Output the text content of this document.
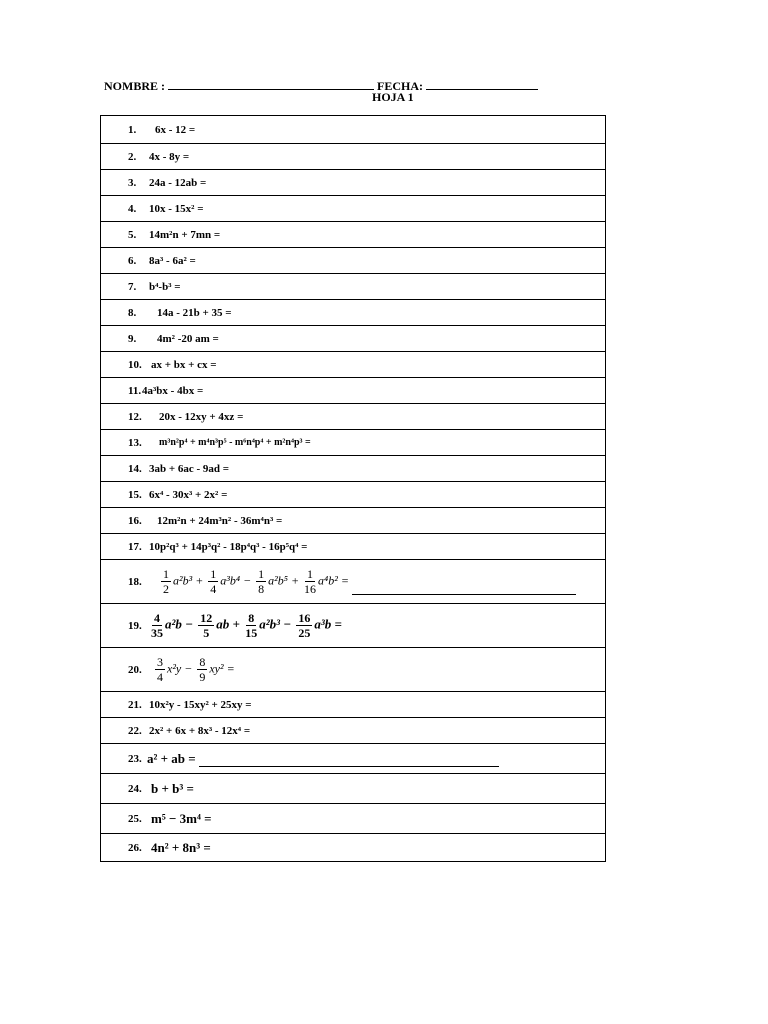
NOMBRE :	FECHA:
HOJA 1
1. 6x - 12 =
2. 4x - 8y =
3. 24a - 12ab =
4. 10x - 15x² =
5. 14m²n + 7mn =
6. 8a³ - 6a² =
7. b⁴-b³ =
8. 14a - 21b + 35 =
9. 4m² -20 am =
10. ax + bx + cx =
11. 4a³bx - 4bx =
12. 20x - 12xy + 4xz =
13. m³n²p⁴ + m⁴n³p⁵ - m⁶n⁴p⁴ + m²n⁴p³ =
14. 3ab + 6ac - 9ad =
15. 6x⁴ - 30x³ + 2x² =
16. 12m²n + 24m³n² - 36m⁴n³ =
17. 10p²q³ + 14p³q² - 18p⁴q³ - 16p⁵q⁴ =
18. $\frac{1}{2} a^2b^3 + \frac{1}{4} a^3b^4 - \frac{1}{8} a^2b^5 + \frac{1}{16} a^4b^2$ =
19. $\frac{4}{35} a^2b - \frac{12}{5}$ ab + $\frac{8}{15} a^2b^3 - \frac{16}{25} a^3b$ =
20. $\frac{3}{4} x^2y - \frac{8}{9} xy^2$ =
21. 10x²y - 15xy² + 25xy =
22. 2x² + 6x + 8x³ - 12x⁴ =
23. a² + ab =
24. b + b³ =
25. m⁵ − 3m⁴ =
26. 4n² + 8n³ =
